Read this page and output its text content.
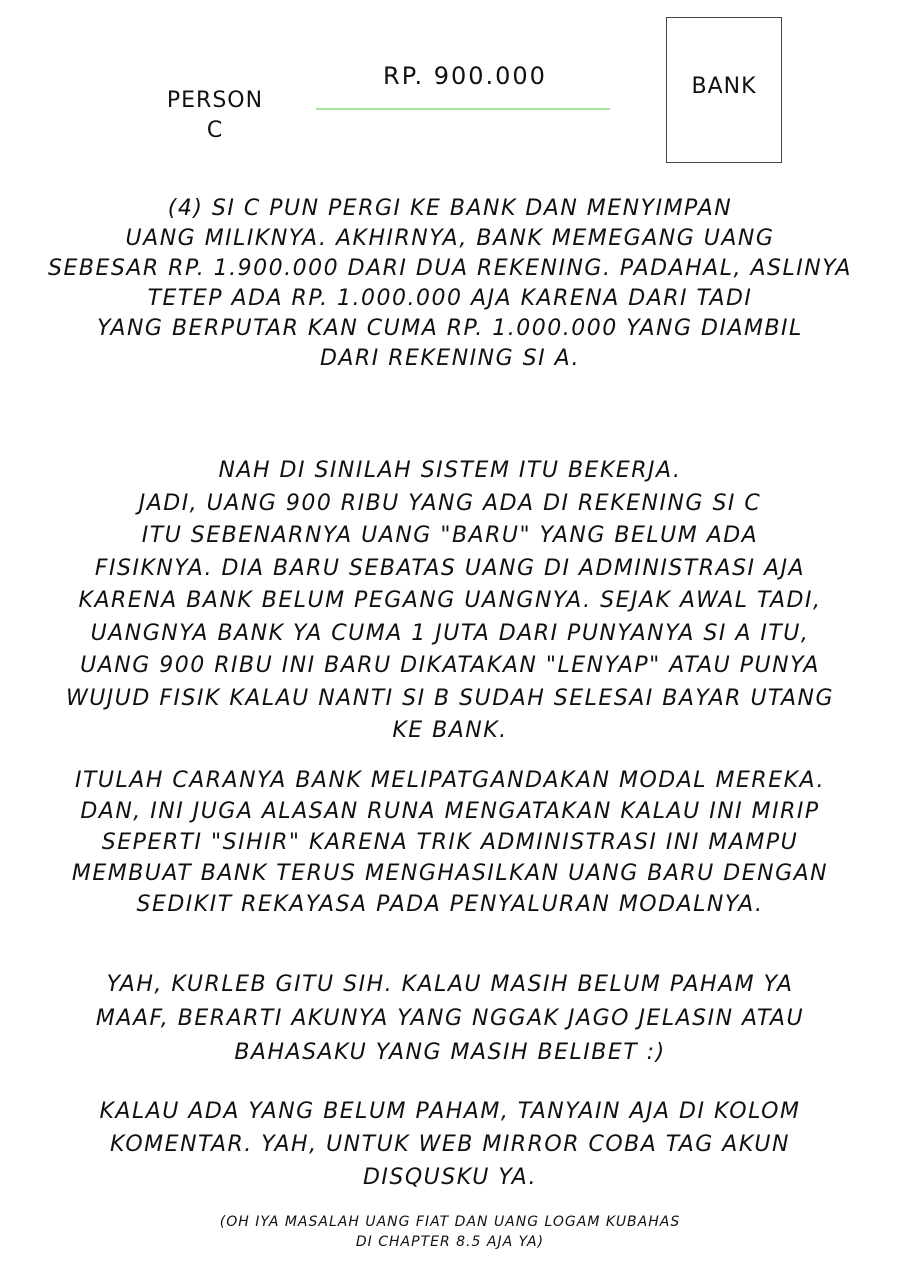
PERSON
C
RP. 900.000	BANK
(4) SI C PUN PERGI KE BANK DAN MENYIMPAN
UANG MILIKNYA. AKHIRNYA, BANK MEMEGANG UANG
SEBESAR RP. 1.900.000 DARI DUA REKENING. PADAHAL, ASLINYA
TETEP ADA RP. 1.000.000 AJA KARENA DARI TADI
YANG BERPUTAR KAN CUMA RP. 1.000.000 YANG DIAMBIL
DARI REKENING SI A.
NAH DI SINILAH SISTEM ITU BEKERJA.
JADI, UANG 900 RIBU YANG ADA DI REKENING SI C
ITU SEBENARNYA UANG "BARU" YANG BELUM ADA
FISIKNYA. DIA BARU SEBATAS UANG DI ADMINISTRASI AJA
KARENA BANK BELUM PEGANG UANGNYA. SEJAK AWAL TADI,
UANGNYA BANK YA CUMA 1 JUTA DARI PUNYANYA SI A ITU,
UANG 900 RIBU INI BARU DIKATAKAN "LENYAP" ATAU PUNYA
WUJUD FISIK KALAU NANTI SI B SUDAH SELESAI BAYAR UTANG
KE BANK.
ITULAH CARANYA BANK MELIPATGANDAKAN MODAL MEREKA.
DAN, INI JUGA ALASAN RUNA MENGATAKAN KALAU INI MIRIP
SEPERTI "SIHIR" KARENA TRIK ADMINISTRASI INI MAMPU
MEMBUAT BANK TERUS MENGHASILKAN UANG BARU DENGAN
SEDIKIT REKAYASA PADA PENYALURAN MODALNYA.
YAH, KURLEB GITU SIH. KALAU MASIH BELUM PAHAM YA
MAAF, BERARTI AKUNYA YANG NGGAK JAGO JELASIN ATAU
BAHASAKU YANG MASIH BELIBET :)
KALAU ADA YANG BELUM PAHAM, TANYAIN AJA DI KOLOM
KOMENTAR. YAH, UNTUK WEB MIRROR COBA TAG AKUN
DISQUSKU YA.
(OH IYA MASALAH UANG FIAT DAN UANG LOGAM KUBAHAS
DI CHAPTER 8.5 AJA YA)
